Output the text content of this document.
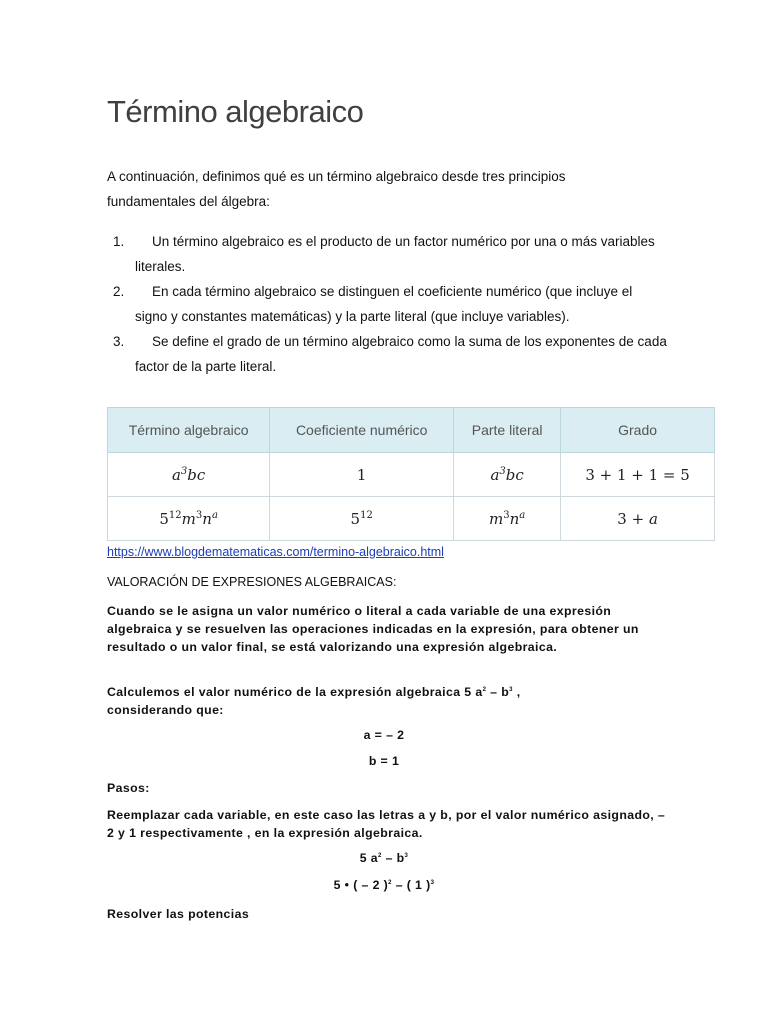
Término algebraico
A continuación, definimos qué es un término algebraico desde tres principios fundamentales del álgebra:
1.	Un término algebraico es el producto de un factor numérico por una o más variables literales.
2.	En cada término algebraico se distinguen el coeficiente numérico (que incluye el signo y constantes matemáticas) y la parte literal (que incluye variables).
3.	Se define el grado de un término algebraico como la suma de los exponentes de cada factor de la parte literal.
Término algebraico	Coeficiente numérico	Parte literal	Grado
$a^3bc$	1	$a^3bc$	3 + 1 + 1 = 5
$5^{12}m^3n^a$	$5^{12}$	$m^3n^a$	3 + a
https://www.blogdematematicas.com/termino-algebraico.html
VALORACIÓN DE EXPRESIONES ALGEBRAICAS:
Cuando se le asigna un valor numérico o literal a cada variable de una expresión algebraica y se resuelven las operaciones indicadas en la expresión, para obtener un resultado o un valor final, se está valorizando una expresión algebraica.
Calculemos el valor numérico de la expresión algebraica 5 $a^2 - b^3$ ,
considerando que:
a = – 2
b = 1
Pasos:
Reemplazar cada variable, en este caso las letras a y b, por el valor numérico asignado, – 2 y 1 respectivamente , en la expresión algebraica.
5 $a^2 - b^3$
5 • ( – 2 )$^2$ – ( 1 )$^3$
Resolver las potencias
